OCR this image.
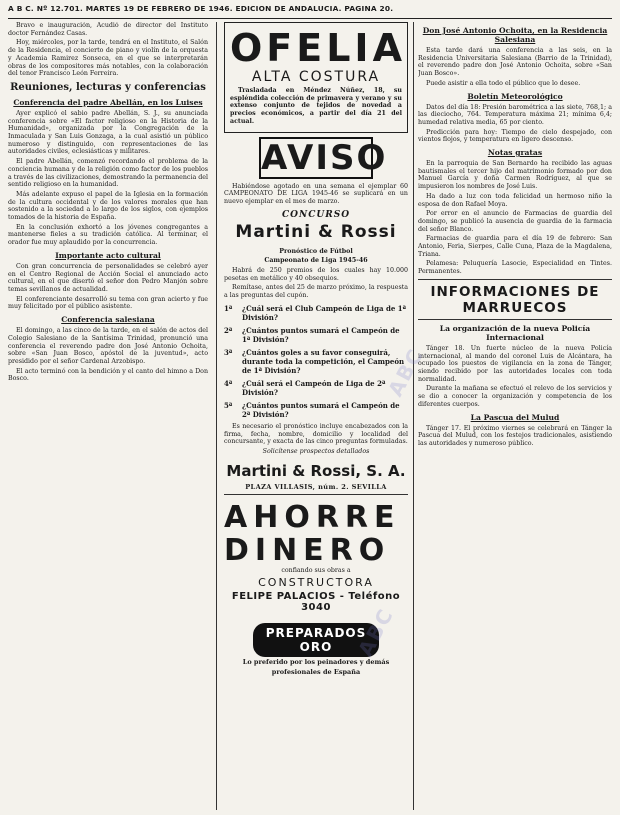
A B C. Nº 12.701. MARTES 19 DE FEBRERO DE 1946. EDICION DE ANDALUCIA. PAGINA 20.

Bravo e inauguración, Acudió de director del Instituto doctor Fernández Casas.

Hoy, miércoles, por la tarde, tendrá en el Instituto, el Salón de la Residencia, el concierto de piano y violín de la orquesta y Academia Ramirez Sonseca, en el que se interpretarán obras de los compositores más notables, con la colaboración del tenor Francisco León Ferreira.

Reuniones, lecturas y conferencias
Conferencia del padre Abellán, en los Luises

Ayer explicó el sabio padre Abellán, S. J., su anunciada conferencia sobre «El factor religioso en la Historia de la Humanidad», organizada por la Congregación de la Inmaculada y San Luis Gonzaga, a la cual asistió un público numeroso y distinguido, con representaciones de las autoridades civiles, eclesiásticas y militares.

El padre Abellán, comenzó recordando el problema de la conciencia humana y de la religión como factor de los pueblos a través de las civilizaciones, demostrando la permanencia del sentido religioso en la humanidad.

Más adelante expuso el papel de la Iglesia en la formación de la cultura occidental y de los valores morales que han sostenido a la sociedad a lo largo de los siglos, con ejemplos tomados de la historia de España.

En la conclusión exhortó a los jóvenes congregantes a mantenerse fieles a su tradición católica. Al terminar, el orador fue muy aplaudido por la concurrencia.

Importante acto cultural

Con gran concurrencia de personalidades se celebró ayer en el Centro Regional de Acción Social el anunciado acto cultural, en el que disertó el señor don Pedro Manjón sobre temas sevillanos de actualidad.

El conferenciante desarrolló su tema con gran acierto y fue muy felicitado por el público asistente.

Conferencia salesiana

El domingo, a las cinco de la tarde, en el salón de actos del Colegio Salesiano de la Santísima Trinidad, pronunció una conferencia el reverendo padre don José Antonio Ochoita, sobre «San Juan Bosco, apóstol de la juventud», acto presidido por el señor Cardenal Arzobispo.

El acto terminó con la bendición y el canto del himno a Don Bosco.

OFELIA
ALTA COSTURA

Trasladada en Méndez Núñez, 18, su espléndida colección de primavera y verano y su extenso conjunto de tejidos de novedad a precios económicos, a partir del día 21 del actual.

AVISO

Habiéndose agotado en una semana el ejemplar 60 CAMPEONATO DE LIGA 1945-46 se suplicará en un nuevo ejemplar en el mes de marzo.

CONCURSO
Martini & Rossi

Pronóstico de Fútbol

Campeonato de Liga 1945-46

Habrá de 250 premios de los cuales hay 10.000 pesetas en metálico y 40 obsequios.

Remítase, antes del 25 de marzo próximo, la respuesta a las preguntas del cupón.

1ª	¿Cuál será el Club Campeón de Liga de 1ª División?
2ª	¿Cuántos puntos sumará el Campeón de 1ª División?
3ª	¿Cuántos goles a su favor conseguirá, durante toda la competición, el Campeón de 1ª División?
4ª	¿Cuál será el Campeón de Liga de 2ª División?
5ª	¿Cuántos puntos sumará el Campeón de 2ª División?

Es necesario el pronóstico incluye encabezados con la firma, fecha, nombre, domicilio y localidad del concursante, y exacta de las cinco preguntas formuladas.

Solicítense prospectos detallados

Martini & Rossi, S. A.
PLAZA VILLASIS, núm. 2. SEVILLA
AHORRE
DINERO

confiando sus obras a

CONSTRUCTORA
FELIPE PALACIOS - Teléfono 3040
PREPARADOS ORO

Lo preferido por los peinadores y demás

profesionales de España

Don José Antonio Ochoita, en la Residencia Salesiana

Esta tarde dará una conferencia a las seis, en la Residencia Universitaria Salesiana (Barrio de la Trinidad), el reverendo padre don José Antonio Ochoita, sobre «San Juan Bosco».

Puede asistir a ella todo el público que lo desee.

Boletín Meteorológico

Datos del día 18: Presión barométrica a las siete, 768,1; a las dieciocho, 764. Temperatura máxima 21; mínima 6,4; humedad relativa media, 65 por ciento.

Predicción para hoy: Tiempo de cielo despejado, con vientos flojos, y temperatura en ligero descenso.

Notas gratas

En la parroquia de San Bernardo ha recibido las aguas bautismales el tercer hijo del matrimonio formado por don Manuel García y doña Carmen Rodríguez, al que se impusieron los nombres de José Luis.

Ha dado a luz con toda felicidad un hermoso niño la esposa de don Rafael Moya.

Por error en el anuncio de Farmacias de guardia del domingo, se publicó la ausencia de guardia de la farmacia del señor Blanco.

Farmacias de guardia para el día 19 de febrero: San Antonio, Feria, Sierpes, Calle Cuna, Plaza de la Magdalena, Triana.

Pelamesa: Peluquería Lasocie, Especialidad en Tintes. Permanentes.

INFORMACIONES DE MARRUECOS
La organización de la nueva Policía Internacional

Tánger 18. Un fuerte núcleo de la nueva Policía internacional, al mando del coronel Luis de Alcántara, ha ocupado los puestos de vigilancia en la zona de Tánger, siendo recibido por las autoridades locales con toda normalidad.

Durante la mañana se efectuó el relevo de los servicios y se dio a conocer la organización y competencia de los diferentes cuerpos.

La Pascua del Mulud

Tánger 17. El próximo viernes se celebrará en Tánger la Pascua del Mulud, con los festejos tradicionales, asistiendo las autoridades y numeroso público.

ABC
ABC
